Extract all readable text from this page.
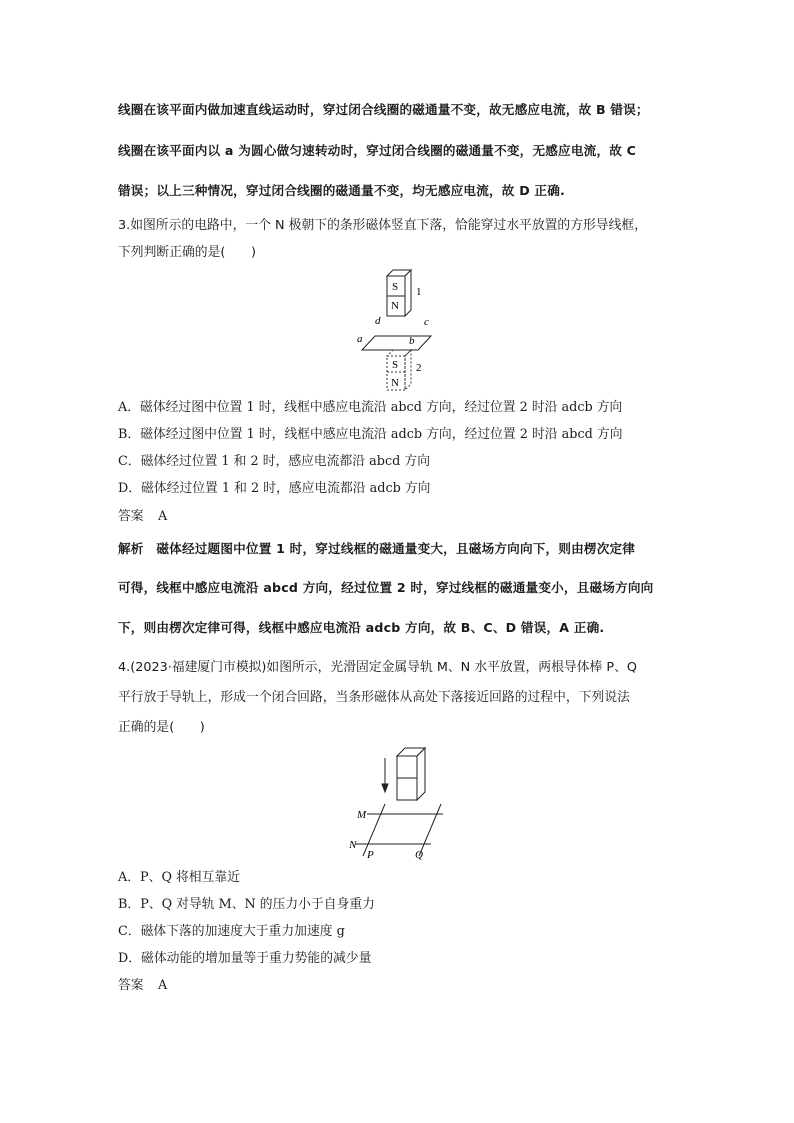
线圈在该平面内做加速直线运动时，穿过闭合线圈的磁通量不变，故无感应电流，故 B 错误；
线圈在该平面内以 a 为圆心做匀速转动时，穿过闭合线圈的磁通量不变，无感应电流，故 C
错误；以上三种情况，穿过闭合线圈的磁通量不变，均无感应电流，故 D 正确.
3.如图所示的电路中，一个 N 极朝下的条形磁体竖直下落，恰能穿过水平放置的方形导线框，
下列判断正确的是(　　)
S
N
1
d	c
a	b
S
N
2
A．磁体经过图中位置 1 时，线框中感应电流沿 abcd 方向，经过位置 2 时沿 adcb 方向
B．磁体经过图中位置 1 时，线框中感应电流沿 adcb 方向，经过位置 2 时沿 abcd 方向
C．磁体经过位置 1 和 2 时，感应电流都沿 abcd 方向
D．磁体经过位置 1 和 2 时，感应电流都沿 adcb 方向
答案 A
解析　磁体经过题图中位置 1 时，穿过线框的磁通量变大，且磁场方向向下，则由楞次定律
可得，线框中感应电流沿 abcd 方向，经过位置 2 时，穿过线框的磁通量变小，且磁场方向向
下，则由楞次定律可得，线框中感应电流沿 adcb 方向，故 B、C、D 错误，A 正确.
4.(2023·福建厦门市模拟)如图所示，光滑固定金属导轨 M、N 水平放置，两根导体棒 P、Q
平行放于导轨上，形成一个闭合回路，当条形磁体从高处下落接近回路的过程中，下列说法
正确的是(　　)
M
N
P	Q
A．P、Q 将相互靠近
B．P、Q 对导轨 M、N 的压力小于自身重力
C．磁体下落的加速度大于重力加速度 g
D．磁体动能的增加量等于重力势能的减少量
答案 A
